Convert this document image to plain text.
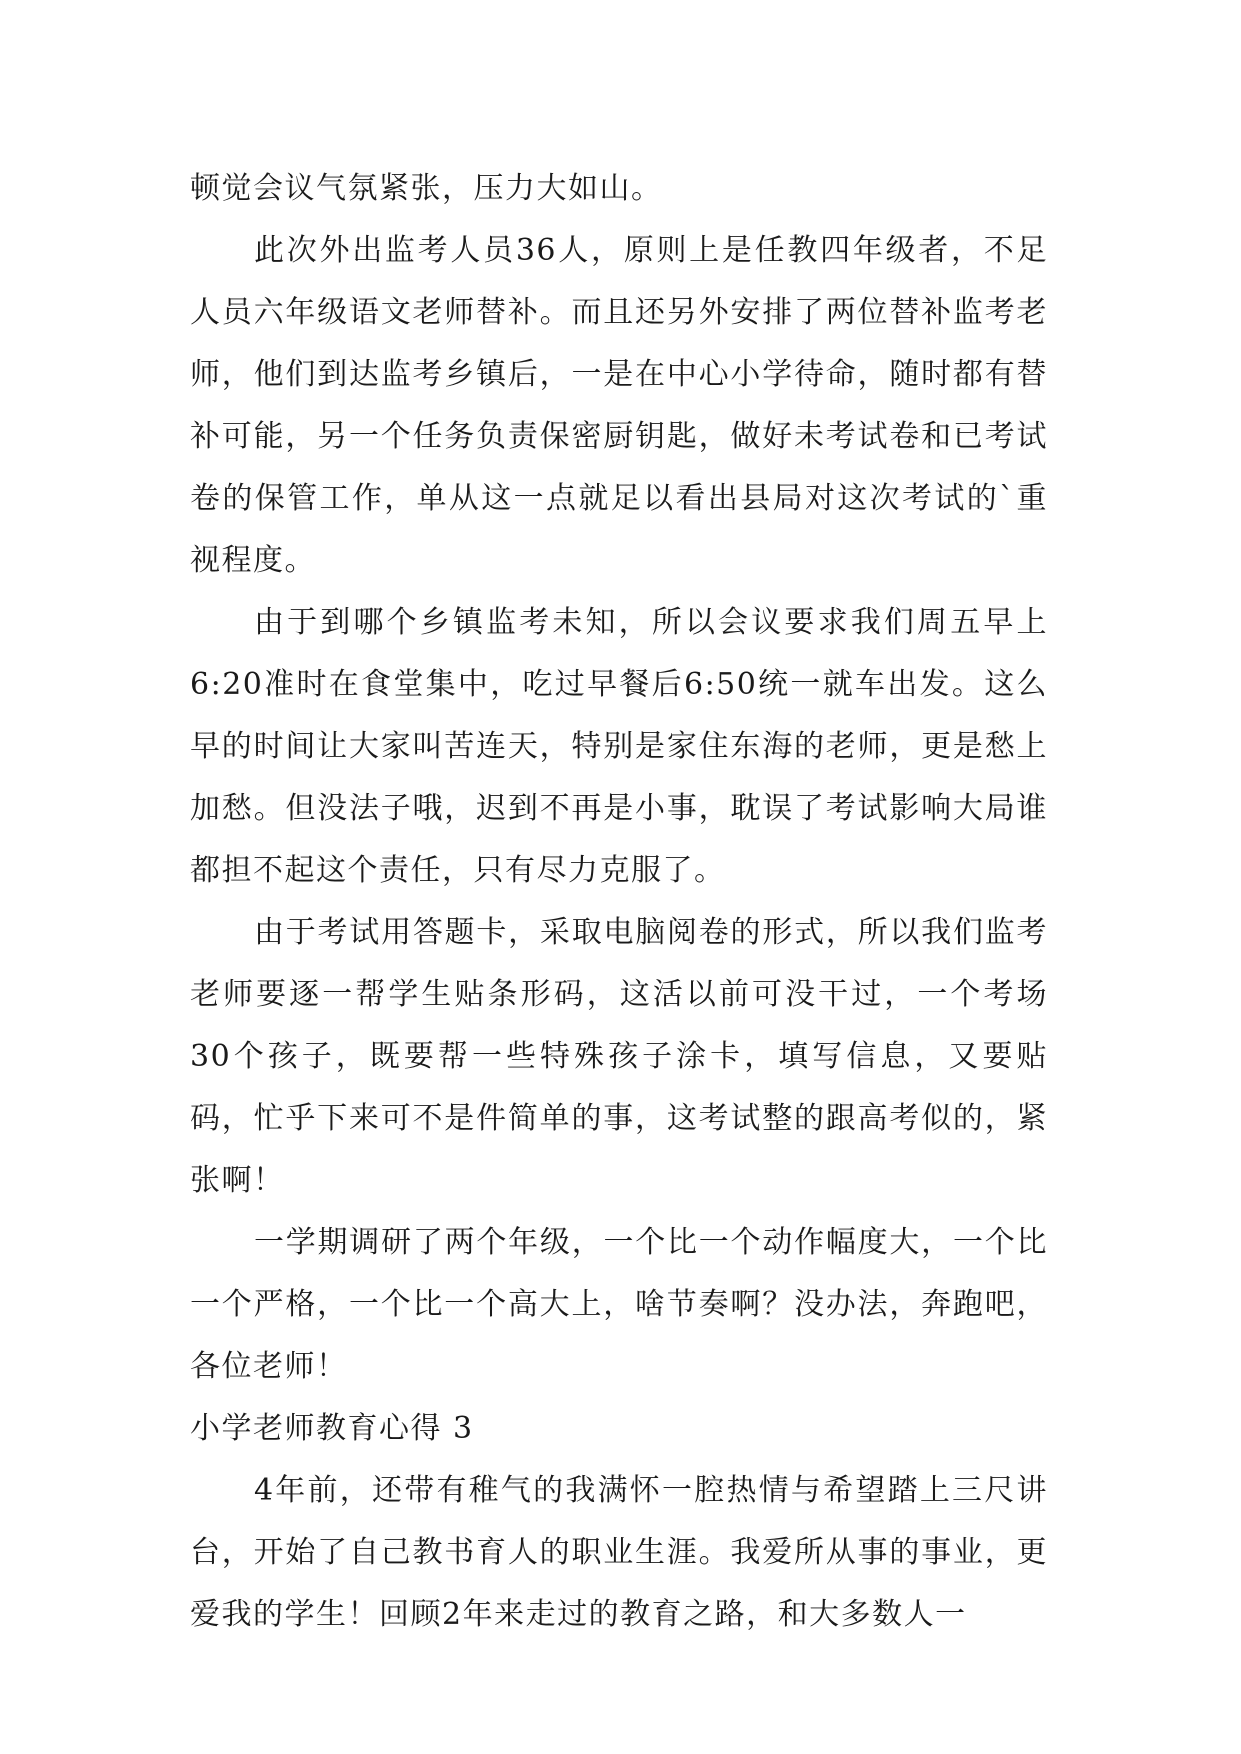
顿觉会议气氛紧张，压力大如山。

此次外出监考人员36人，原则上是任教四年级者，不足人员六年级语文老师替补。而且还另外安排了两位替补监考老师，他们到达监考乡镇后，一是在中心小学待命，随时都有替补可能，另一个任务负责保密厨钥匙，做好未考试卷和已考试卷的保管工作，单从这一点就足以看出县局对这次考试的`重视程度。

由于到哪个乡镇监考未知，所以会议要求我们周五早上6:20准时在食堂集中，吃过早餐后6:50统一就车出发。这么早的时间让大家叫苦连天，特别是家住东海的老师，更是愁上加愁。但没法子哦，迟到不再是小事，耽误了考试影响大局谁都担不起这个责任，只有尽力克服了。

由于考试用答题卡，采取电脑阅卷的形式，所以我们监考老师要逐一帮学生贴条形码，这活以前可没干过，一个考场30个孩子，既要帮一些特殊孩子涂卡，填写信息，又要贴码，忙乎下来可不是件简单的事，这考试整的跟高考似的，紧张啊！

一学期调研了两个年级，一个比一个动作幅度大，一个比一个严格，一个比一个高大上，啥节奏啊？没办法，奔跑吧，各位老师！

小学老师教育心得 3

4年前，还带有稚气的我满怀一腔热情与希望踏上三尺讲台，开始了自己教书育人的职业生涯。我爱所从事的事业，更爱我的学生！回顾2年来走过的教育之路，和大多数人一
